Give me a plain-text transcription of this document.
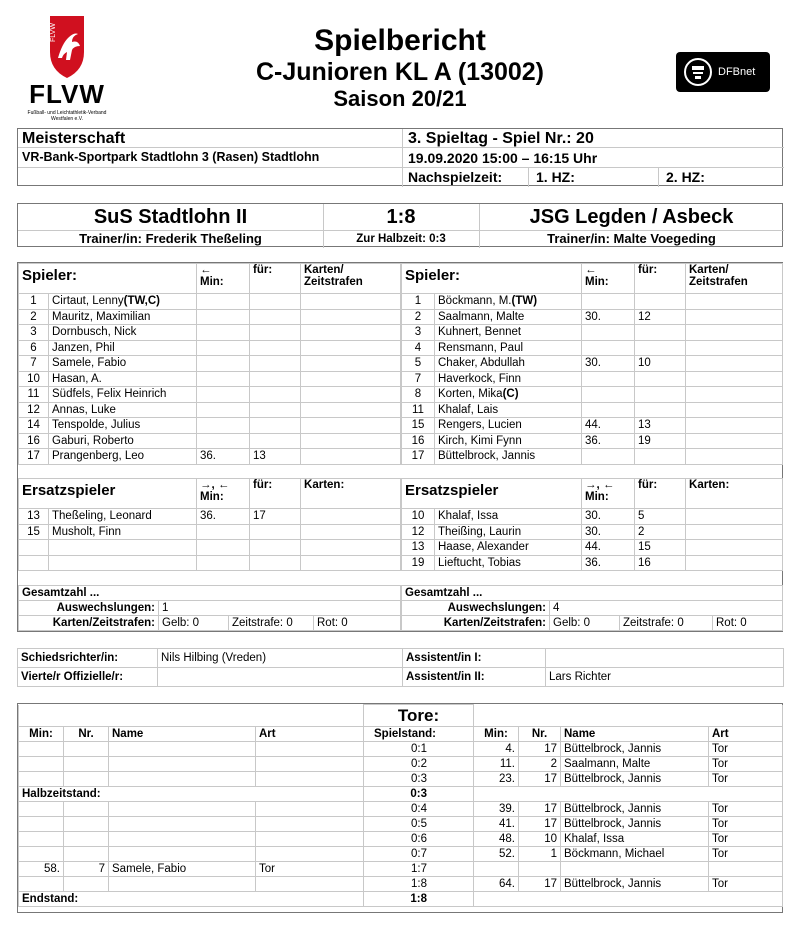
FLVW
FLVW
Fußball- und Leichtathletik-Verband Westfalen e.V.
Spielbericht
C-Junioren KL A (13002)
Saison 20/21
DFBnet
Meisterschaft
VR-Bank-Sportpark Stadtlohn 3 (Rasen) Stadtlohn
3. Spieltag - Spiel Nr.: 20
19.09.2020 15:00 – 16:15 Uhr
Nachspielzeit: 1. HZ:	2. HZ:
SuS Stadtlohn II	1:8	JSG Legden / Asbeck
Trainer/in: Frederik Theßeling	Zur Halbzeit: 0:3	Trainer/in: Malte Voegeding
Spieler:		←
Min:	für:	Karten/
Zeitstrafen
1	Cirtaut, Lenny(TW,C)			
2	Mauritz, Maximilian			
3	Dornbusch, Nick			
6	Janzen, Phil			
7	Samele, Fabio			
10	Hasan, A.			
11	Südfels, Felix Heinrich			
12	Annas, Luke			
14	Tenspolde, Julius			
16	Gaburi, Roberto			
17	Prangenberg, Leo	36.	13	
Spieler:		←
Min:	für:	Karten/
Zeitstrafen
1	Böckmann, M.(TW)			
2	Saalmann, Malte	30.	12	
3	Kuhnert, Bennet			
4	Rensmann, Paul			
5	Chaker, Abdullah	30.	10	
7	Haverkock, Finn			
8	Korten, Mika(C)			
11	Khalaf, Lais			
15	Rengers, Lucien	44.	13	
16	Kirch, Kimi Fynn	36.	19	
17	Büttelbrock, Jannis			
Ersatzspieler		→, ←
Min:	für:	Karten:
13	Theßeling, Leonard	36.	17	
15	Musholt, Finn			

Ersatzspieler		→, ←
Min:	für:	Karten:
10	Khalaf, Issa	30.	5	
12	Theißing, Laurin	30.	2	
13	Haase, Alexander	44.	15	
19	Lieftucht, Tobias	36.	16	
Gesamtzahl ...			
Auswechslungen:	1		
Karten/Zeitstrafen:	Gelb: 0	Zeitstrafe: 0	Rot: 0
Gesamtzahl ...			
Auswechslungen:	4		
Karten/Zeitstrafen:	Gelb: 0	Zeitstrafe: 0	Rot: 0
Schiedsrichter/in:	Nils Hilbing (Vreden)	Assistent/in I:	
Vierte/r Offizielle/r:		Assistent/in II:	Lars Richter
				Tore:				
Min:	Nr.	Name	Art	Spielstand:	Min:	Nr.	Name	Art
				0:1	4.	17	Büttelbrock, Jannis	Tor
				0:2	11.	2	Saalmann, Malte	Tor
				0:3	23.	17	Büttelbrock, Jannis	Tor
Halbzeitstand:				0:3				
				0:4	39.	17	Büttelbrock, Jannis	Tor
				0:5	41.	17	Büttelbrock, Jannis	Tor
				0:6	48.	10	Khalaf, Issa	Tor
				0:7	52.	1	Böckmann, Michael	Tor
58.	7	Samele, Fabio	Tor	1:7				
				1:8	64.	17	Büttelbrock, Jannis	Tor
Endstand:				1:8				
